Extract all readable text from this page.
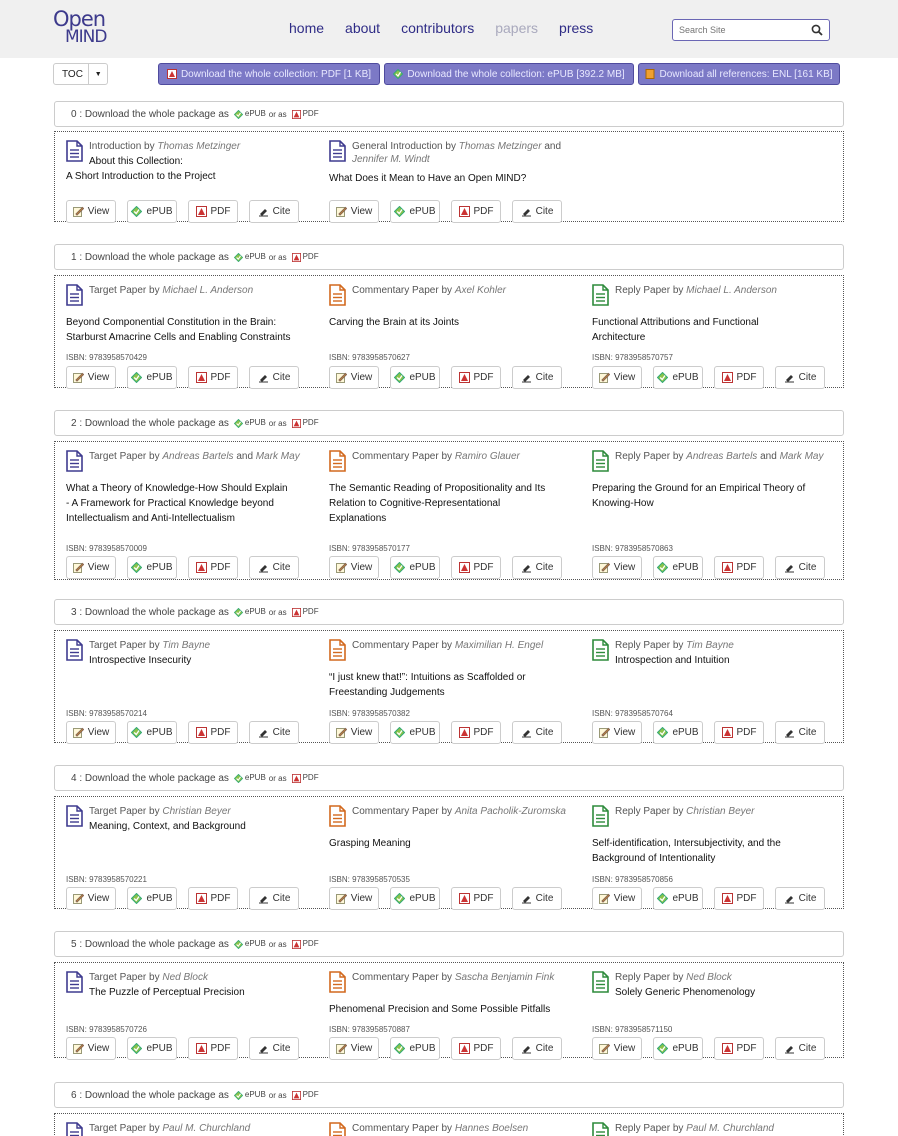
Open
MIND	home about contributors papers press
Search Site
TOC	▼	Download the whole collection: PDF [1 KB]	Download the whole collection: ePUB [392.2 MB]	Download all references: ENL [161 KB]
0 : Download the whole package as	ePUB or as	PDF
Introduction by Thomas Metzinger
About this Collection:
A Short Introduction to the Project
View	ePUB	PDF	Cite
General Introduction by Thomas Metzinger and Jennifer M. Windt
What Does it Mean to Have an Open MIND?
View	ePUB	PDF	Cite
1 : Download the whole package as	ePUB or as	PDF
Target Paper by Michael L. Anderson
Beyond Componential Constitution in the Brain:
Starburst Amacrine Cells and Enabling Constraints
ISBN: 9783958570429
View	ePUB	PDF	Cite
Commentary Paper by Axel Kohler
Carving the Brain at its Joints
ISBN: 9783958570627
View	ePUB	PDF	Cite
Reply Paper by Michael L. Anderson
Functional Attributions and Functional
Architecture
ISBN: 9783958570757
View	ePUB	PDF	Cite
2 : Download the whole package as	ePUB or as	PDF
Target Paper by Andreas Bartels and Mark May
What a Theory of Knowledge-How Should Explain
- A Framework for Practical Knowledge beyond
Intellectualism and Anti-Intellectualism
ISBN: 9783958570009
View	ePUB	PDF	Cite
Commentary Paper by Ramiro Glauer
The Semantic Reading of Propositionality and Its
Relation to Cognitive-Representational
Explanations
ISBN: 9783958570177
View	ePUB	PDF	Cite
Reply Paper by Andreas Bartels and Mark May
Preparing the Ground for an Empirical Theory of
Knowing-How
ISBN: 9783958570863
View	ePUB	PDF	Cite
3 : Download the whole package as	ePUB or as	PDF
Target Paper by Tim Bayne
Introspective Insecurity
ISBN: 9783958570214
View	ePUB	PDF	Cite
Commentary Paper by Maximilian H. Engel
“I just knew that!”: Intuitions as Scaffolded or
Freestanding Judgements
ISBN: 9783958570382
View	ePUB	PDF	Cite
Reply Paper by Tim Bayne
Introspection and Intuition
ISBN: 9783958570764
View	ePUB	PDF	Cite
4 : Download the whole package as	ePUB or as	PDF
Target Paper by Christian Beyer
Meaning, Context, and Background
ISBN: 9783958570221
View	ePUB	PDF	Cite
Commentary Paper by Anita Pacholik-Zuromska
Grasping Meaning
ISBN: 9783958570535
View	ePUB	PDF	Cite
Reply Paper by Christian Beyer
Self-identification, Intersubjectivity, and the
Background of Intentionality
ISBN: 9783958570856
View	ePUB	PDF	Cite
5 : Download the whole package as	ePUB or as	PDF
Target Paper by Ned Block
The Puzzle of Perceptual Precision
ISBN: 9783958570726
View	ePUB	PDF	Cite
Commentary Paper by Sascha Benjamin Fink
Phenomenal Precision and Some Possible Pitfalls
ISBN: 9783958570887
View	ePUB	PDF	Cite
Reply Paper by Ned Block
Solely Generic Phenomenology
ISBN: 9783958571150
View	ePUB	PDF	Cite
6 : Download the whole package as	ePUB or as	PDF
Target Paper by Paul M. Churchland	Commentary Paper by Hannes Boelsen	Reply Paper by Paul M. Churchland
